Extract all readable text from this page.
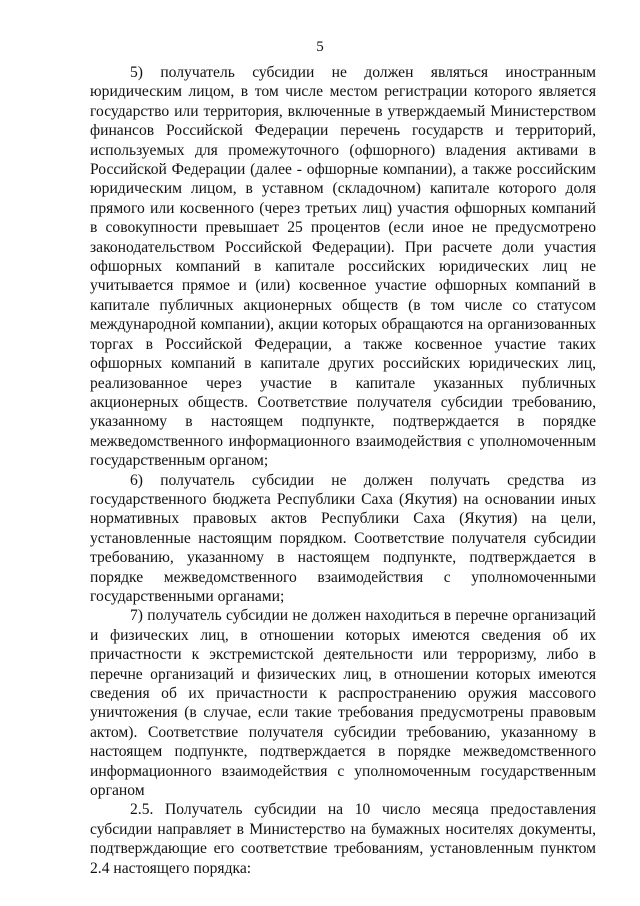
5

5) получатель субсидии не должен являться иностранным юридическим лицом, в том числе местом регистрации которого является государство или территория, включенные в утверждаемый Министерством финансов Российской Федерации перечень государств и территорий, используемых для промежуточного (офшорного) владения активами в Российской Федерации (далее - офшорные компании), а также российским юридическим лицом, в уставном (складочном) капитале которого доля прямого или косвенного (через третьих лиц) участия офшорных компаний в совокупности превышает 25 процентов (если иное не предусмотрено законодательством Российской Федерации). При расчете доли участия офшорных компаний в капитале российских юридических лиц не учитывается прямое и (или) косвенное участие офшорных компаний в капитале публичных акционерных обществ (в том числе со статусом международной компании), акции которых обращаются на организованных торгах в Российской Федерации, а также косвенное участие таких офшорных компаний в капитале других российских юридических лиц, реализованное через участие в капитале указанных публичных акционерных обществ. Соответствие получателя субсидии требованию, указанному в настоящем подпункте, подтверждается в порядке межведомственного информационного взаимодействия с уполномоченным государственным органом;

6) получатель субсидии не должен получать средства из государственного бюджета Республики Саха (Якутия) на основании иных нормативных правовых актов Республики Саха (Якутия) на цели, установленные настоящим порядком. Соответствие получателя субсидии требованию, указанному в настоящем подпункте, подтверждается в порядке межведомственного взаимодействия с уполномоченными государственными органами;

7) получатель субсидии не должен находиться в перечне организаций и физических лиц, в отношении которых имеются сведения об их причастности к экстремистской деятельности или терроризму, либо в перечне организаций и физических лиц, в отношении которых имеются сведения об их причастности к распространению оружия массового уничтожения (в случае, если такие требования предусмотрены правовым актом). Соответствие получателя субсидии требованию, указанному в настоящем подпункте, подтверждается в порядке межведомственного информационного взаимодействия с уполномоченным государственным органом

2.5. Получатель субсидии на 10 число месяца предоставления субсидии направляет в Министерство на бумажных носителях документы, подтверждающие его соответствие требованиям, установленным пунктом 2.4 настоящего порядка:
